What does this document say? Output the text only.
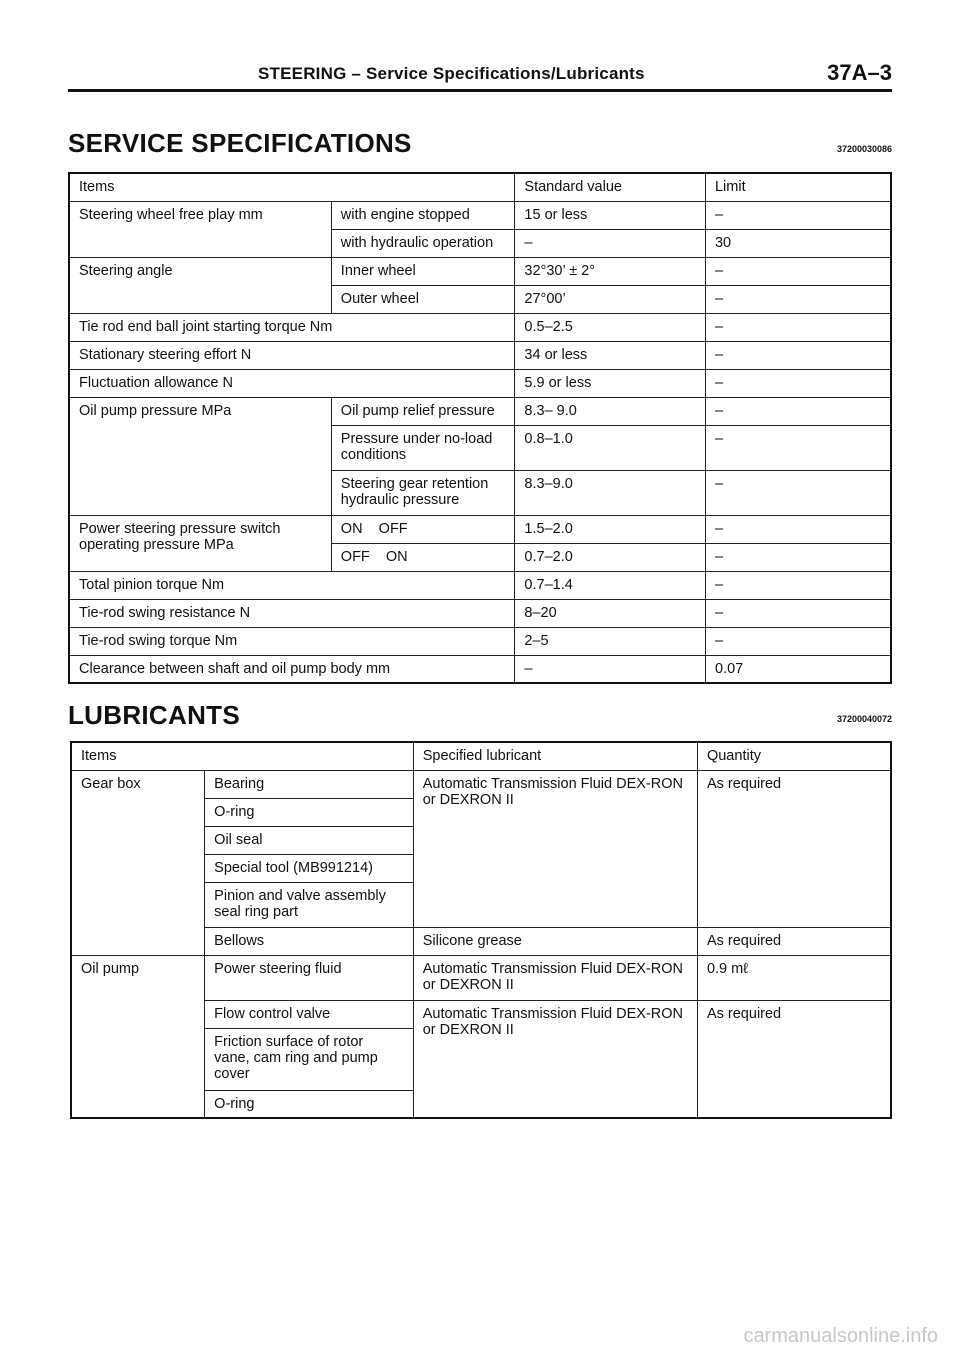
STEERING – Service Specifications/Lubricants	37A–3
SERVICE SPECIFICATIONS	37200030086
Items		Standard value	Limit
Steering wheel free play mm	with engine stopped	15 or less	–
	with hydraulic operation	–	30
Steering angle	Inner wheel	32°30’ ± 2°	–
	Outer wheel	27°00’	–
Tie rod end ball joint starting torque Nm		0.5–2.5	–
Stationary steering effort N		34 or less	–
Fluctuation allowance N		5.9 or less	–
Oil pump pressure MPa	Oil pump relief pressure	8.3– 9.0	–
	Pressure under no-load conditions	0.8–1.0	–
	Steering gear retention hydraulic pressure	8.3–9.0	–
Power steering pressure switch operating pressure MPa	ON    OFF	1.5–2.0	–
	OFF    ON	0.7–2.0	–
Total pinion torque Nm		0.7–1.4	–
Tie-rod swing resistance N		8–20	–
Tie-rod swing torque Nm		2–5	–
Clearance between shaft and oil pump body mm		–	0.07
LUBRICANTS	37200040072
Items		Specified lubricant	Quantity
Gear box	Bearing	Automatic Transmission Fluid DEX-RON or DEXRON II	As required
	O-ring		
	Oil seal		
	Special tool (MB991214)		
	Pinion and valve assembly seal ring part		
	Bellows	Silicone grease	As required
Oil pump	Power steering fluid	Automatic Transmission Fluid DEX-RON or DEXRON II	0.9 mℓ
	Flow control valve	Automatic Transmission Fluid DEX-RON or DEXRON II	As required
	Friction surface of rotor vane, cam ring and pump cover		
	O-ring		
carmanualsonline.info
